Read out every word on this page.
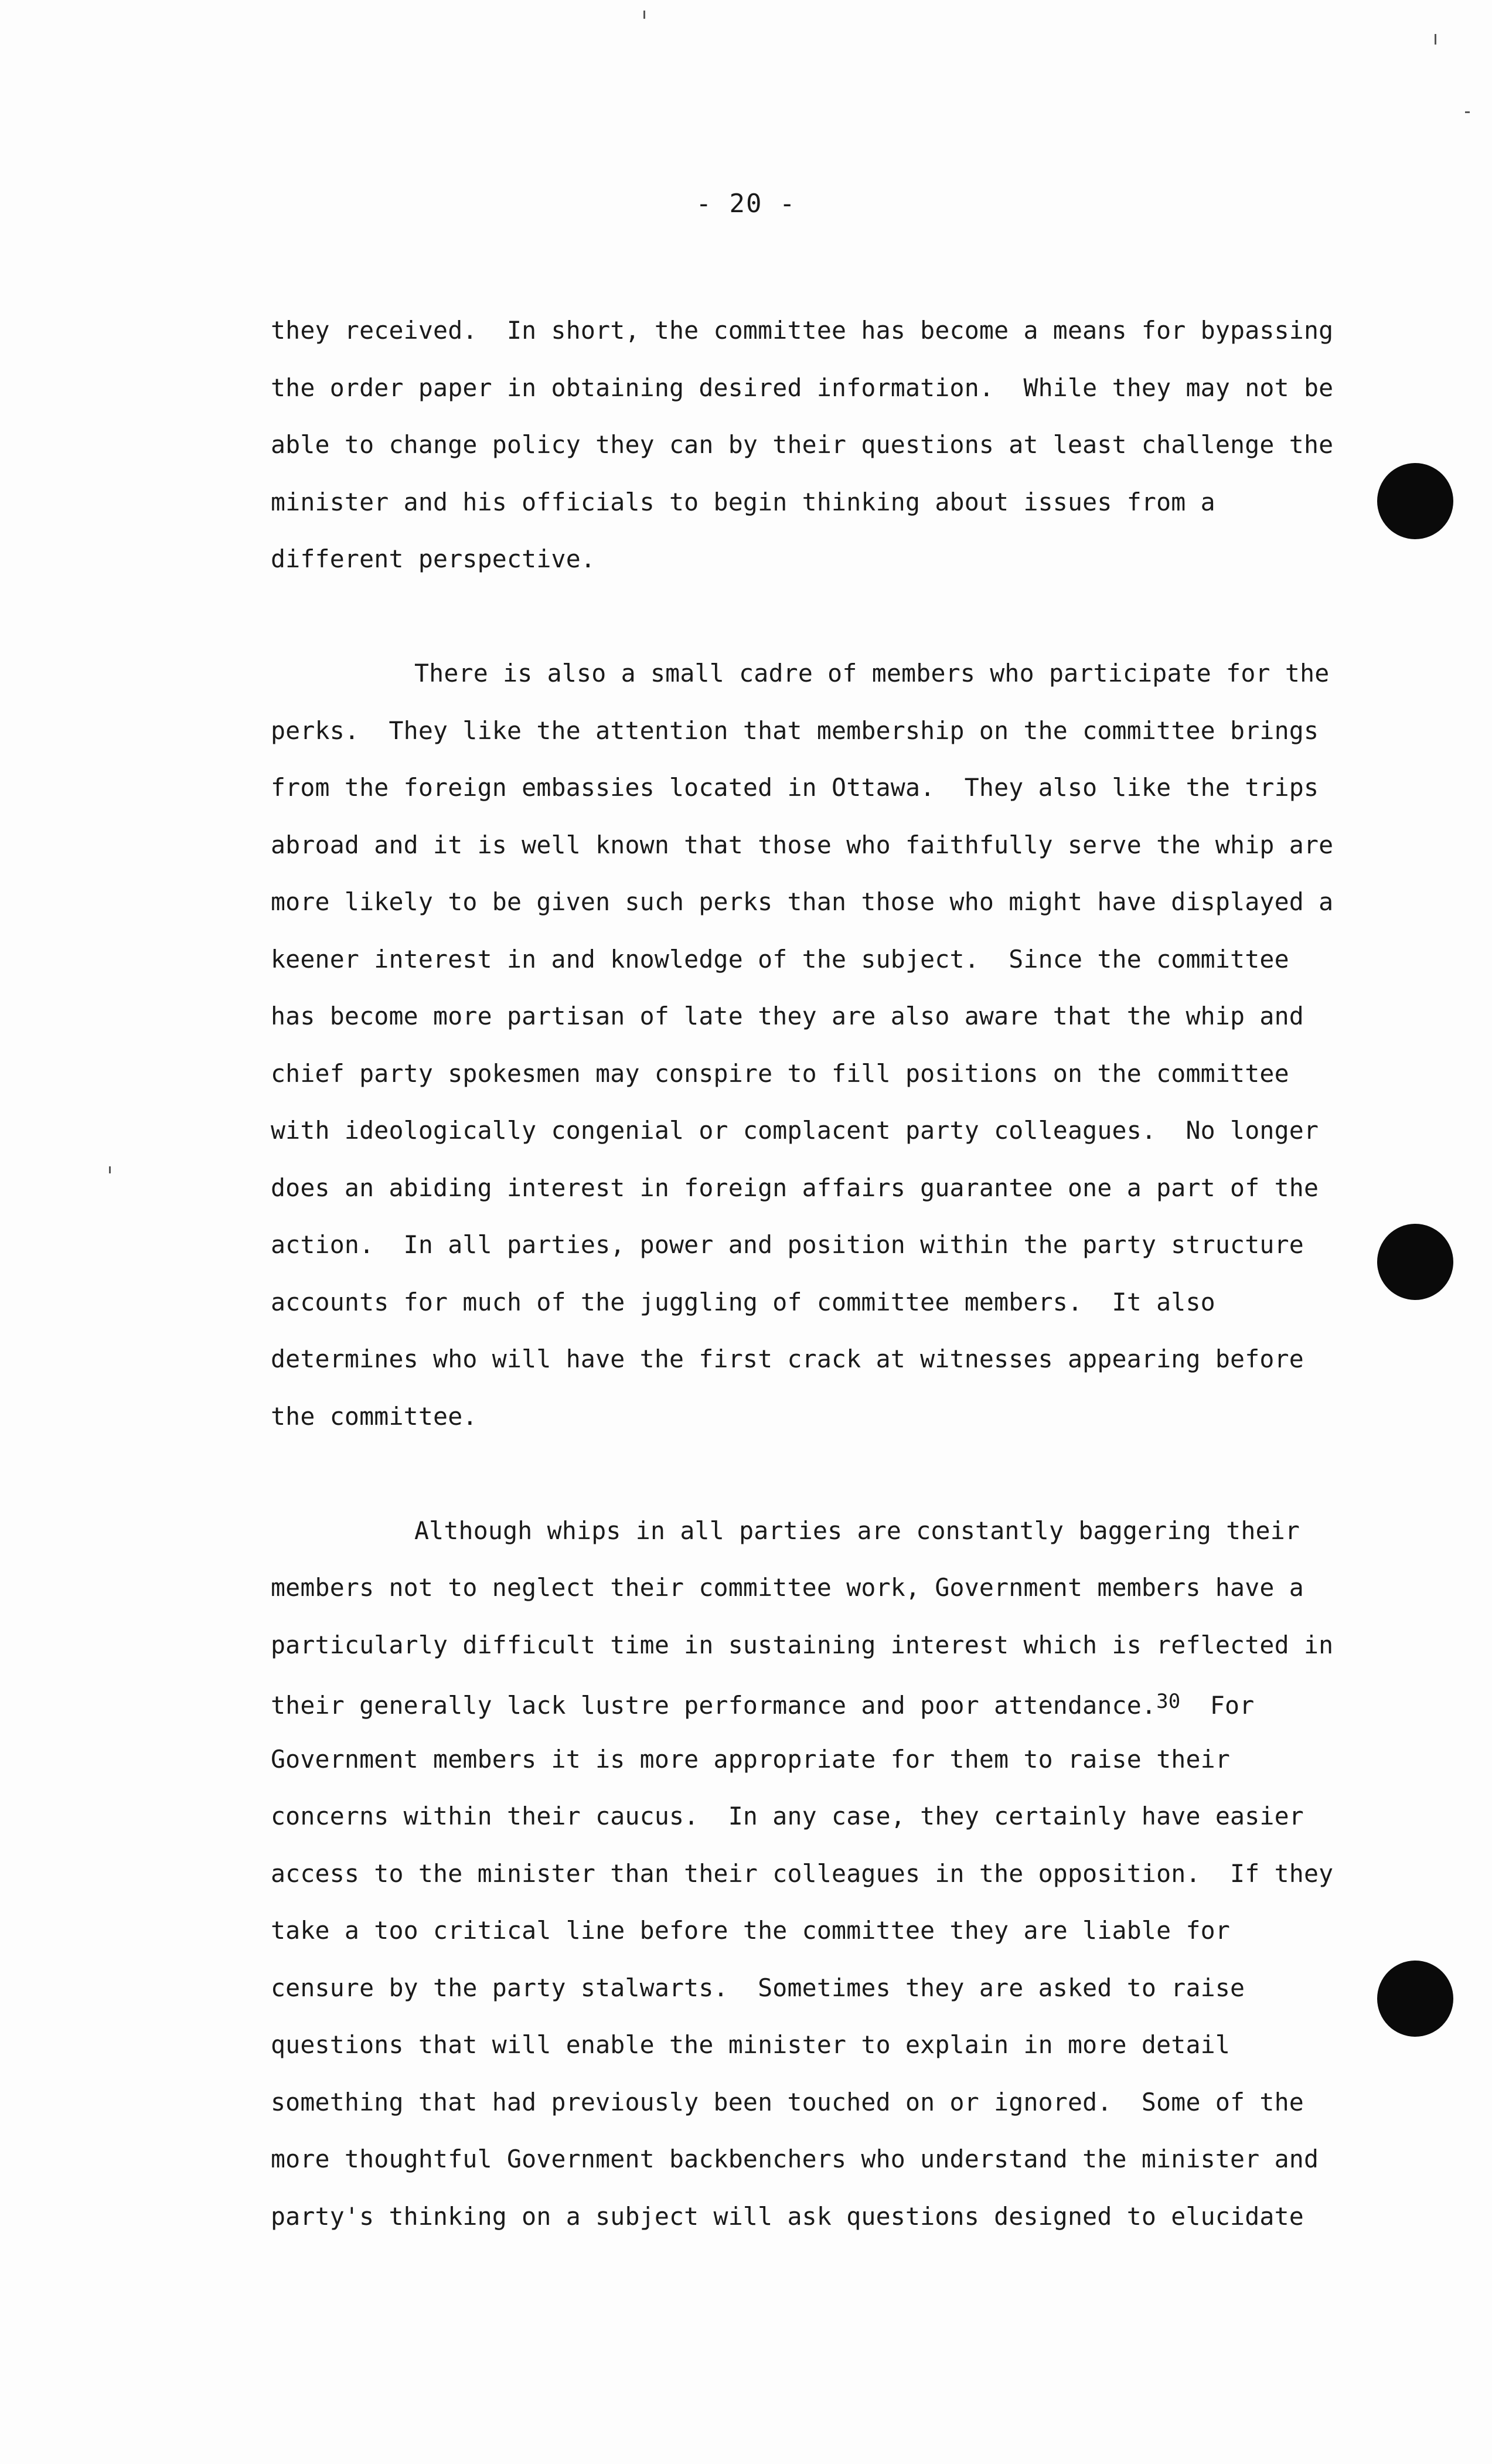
- 20 -
they received.  In short, the committee has become a means for bypassing
the order paper in obtaining desired information.  While they may not be
able to change policy they can by their questions at least challenge the
minister and his officials to begin thinking about issues from a
different perspective.
There is also a small cadre of members who participate for the
perks.  They like the attention that membership on the committee brings
from the foreign embassies located in Ottawa.  They also like the trips
abroad and it is well known that those who faithfully serve the whip are
more likely to be given such perks than those who might have displayed a
keener interest in and knowledge of the subject.  Since the committee
has become more partisan of late they are also aware that the whip and
chief party spokesmen may conspire to fill positions on the committee
with ideologically congenial or complacent party colleagues.  No longer
does an abiding interest in foreign affairs guarantee one a part of the
action.  In all parties, power and position within the party structure
accounts for much of the juggling of committee members.  It also
determines who will have the first crack at witnesses appearing before
the committee.
Although whips in all parties are constantly baggering their
members not to neglect their committee work, Government members have a
particularly difficult time in sustaining interest which is reflected in
their generally lack lustre performance and poor attendance.$^{30}$  For
Government members it is more appropriate for them to raise their
concerns within their caucus.  In any case, they certainly have easier
access to the minister than their colleagues in the opposition.  If they
take a too critical line before the committee they are liable for
censure by the party stalwarts.  Sometimes they are asked to raise
questions that will enable the minister to explain in more detail
something that had previously been touched on or ignored.  Some of the
more thoughtful Government backbenchers who understand the minister and
party's thinking on a subject will ask questions designed to elucidate
